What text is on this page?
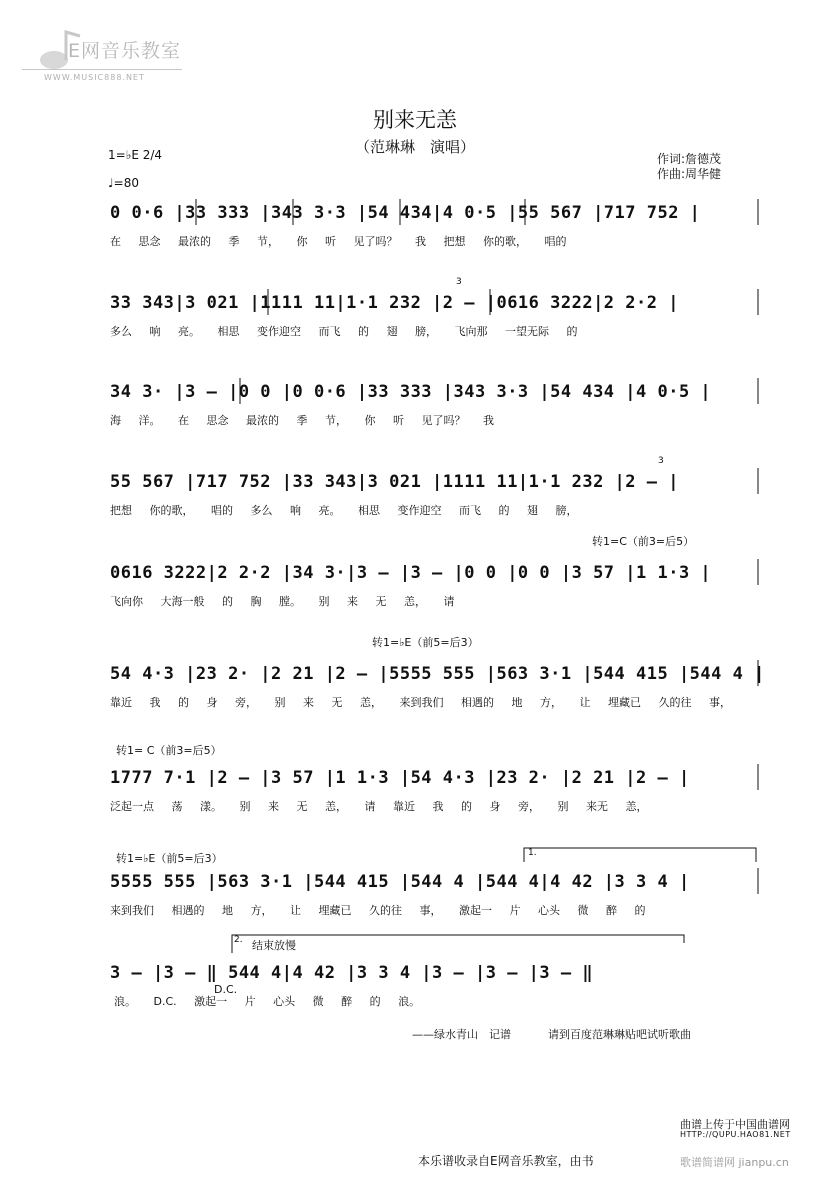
E网音乐教室
WWW.MUSIC888.NET
别来无恙
（范琳琳　演唱）
作词:詹德茂
作曲:周华健
1=♭E 2/4
♩=80
0 0·6 |33 333 |343 3·3 |54 434|4 0·5 |55 567 |717 752 |
在 思念 最浓的 季 节， 你 听 见了吗？ 我 把想 你的歌， 唱的
3
33 343|3 021 |1111 11|1·1 232 |2 — |0616 3222|2 2·2 |
多么 响 亮。 相思 变作迎空 而飞 的 翅 膀， 飞向那 一望无际 的
34 3· |3 — |0 0 |0 0·6 |33 333 |343 3·3 |54 434 |4 0·5 |
海 洋。 在 思念 最浓的 季 节， 你 听 见了吗？ 我
3
55 567 |717 752 |33 343|3 021 |1111 11|1·1 232 |2 — |
把想 你的歌， 唱的 多么 响 亮。 相思 变作迎空 而飞 的 翅 膀，
转1=C（前3=后5）
0616 3222|2 2·2 |34 3·|3 — |3 — |0 0 |0 0 |3 57 |1 1·3 |
飞向你 大海一般 的 胸 膛。 别 来 无 恙， 请
转1=♭E（前5=后3）
54 4·3 |23 2· |2 21 |2 — |5555 555 |563 3·1 |544 415 |544 4 |
靠近 我 的 身 旁， 别 来 无 恙， 来到我们 相遇的 地 方， 让 埋藏已 久的往 事，
转1= C（前3=后5）
1777 7·1 |2 — |3 57 |1 1·3 |54 4·3 |23 2· |2 21 |2 — |
泛起一点 荡 漾。 别 来 无 恙， 请 靠近 我 的 身 旁， 别 来无 恙，
转1=♭E（前5=后3）	1.
5555 555 |563 3·1 |544 415 |544 4 |544 4|4 42 |3 3 4 |
来到我们 相遇的 地 方， 让 埋藏已 久的往 事， 激起一 片 心头 微 醉 的
2. 结束放慢
D.C.
3 — |3 — ‖ 544 4|4 42 |3 3 4 |3 — |3 — |3 — ‖
浪。 D.C. 激起一 片 心头 微 醉 的 浪。
——绿水青山　记谱	请到百度范琳琳贴吧试听歌曲
曲谱上传于中国曲谱网
HTTP://QUPU.HAO81.NET
本乐谱收录自E网音乐教室，由书	歌谱简谱网 jianpu.cn
